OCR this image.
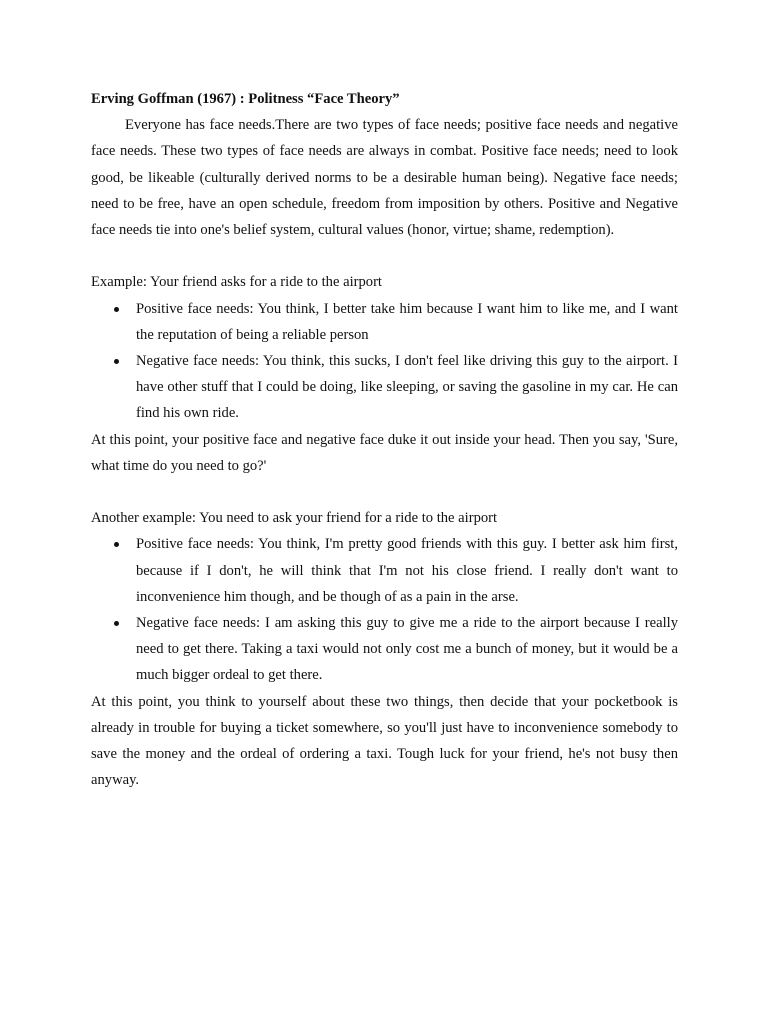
Erving Goffman (1967) : Politness “Face Theory”

Everyone has face needs.There are two types of face needs; positive face needs and negative face needs. These two types of face needs are always in combat. Positive face needs; need to look good, be likeable (culturally derived norms to be a desirable human being). Negative face needs; need to be free, have an open schedule, freedom from imposition by others. Positive and Negative face needs tie into one's belief system, cultural values (honor, virtue; shame, redemption).

Example: Your friend asks for a ride to the airport

Positive face needs: You think, I better take him because I want him to like me, and I want the reputation of being a reliable person
Negative face needs: You think, this sucks, I don't feel like driving this guy to the airport. I have other stuff that I could be doing, like sleeping, or saving the gasoline in my car. He can find his own ride.

At this point, your positive face and negative face duke it out inside your head. Then you say, 'Sure, what time do you need to go?'

Another example: You need to ask your friend for a ride to the airport

Positive face needs: You think, I'm pretty good friends with this guy. I better ask him first, because if I don't, he will think that I'm not his close friend. I really don't want to inconvenience him though, and be though of as a pain in the arse.
Negative face needs: I am asking this guy to give me a ride to the airport because I really need to get there. Taking a taxi would not only cost me a bunch of money, but it would be a much bigger ordeal to get there.

At this point, you think to yourself about these two things, then decide that your pocketbook is already in trouble for buying a ticket somewhere, so you'll just have to inconvenience somebody to save the money and the ordeal of ordering a taxi. Tough luck for your friend, he's not busy then anyway.
